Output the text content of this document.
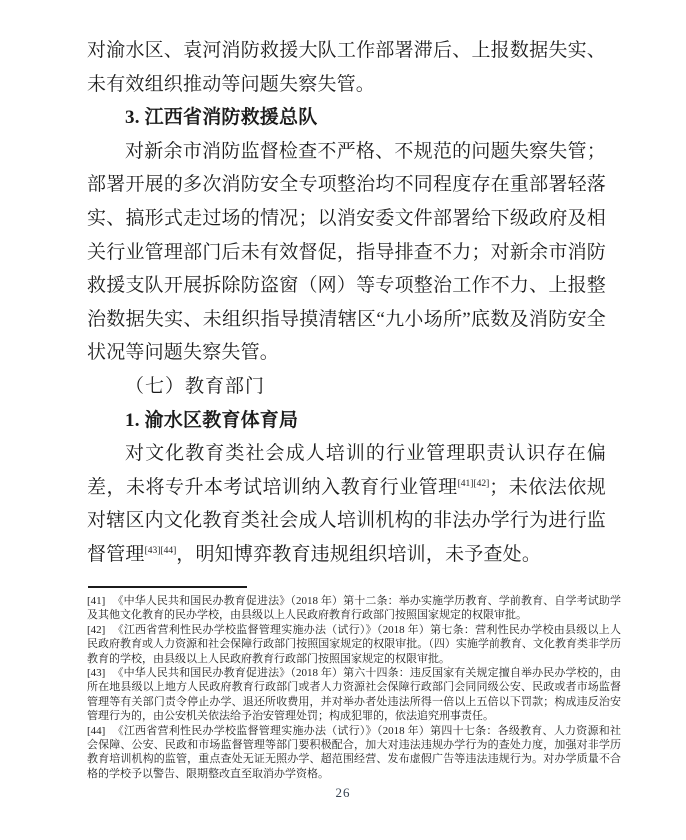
对渝水区、袁河消防救援大队工作部署滞后、上报数据失实、未有效组织推动等问题失察失管。

3. 江西省消防救援总队

对新余市消防监督检查不严格、不规范的问题失察失管；部署开展的多次消防安全专项整治均不同程度存在重部署轻落实、搞形式走过场的情况；以消安委文件部署给下级政府及相关行业管理部门后未有效督促，指导排查不力；对新余市消防救援支队开展拆除防盗窗（网）等专项整治工作不力、上报整治数据失实、未组织指导摸清辖区“九小场所”底数及消防安全状况等问题失察失管。

（七）教育部门

1. 渝水区教育体育局

对文化教育类社会成人培训的行业管理职责认识存在偏差，未将专升本考试培训纳入教育行业管理[41][42]；未依法依规对辖区内文化教育类社会成人培训机构的非法办学行为进行监督管理[43][44]，明知博弈教育违规组织培训，未予查处。

[41] 《中华人民共和国民办教育促进法》（2018 年）第十二条：举办实施学历教育、学前教育、自学考试助学及其他文化教育的民办学校，由县级以上人民政府教育行政部门按照国家规定的权限审批。

[42] 《江西省营利性民办学校监督管理实施办法（试行）》（2018 年）第七条：营利性民办学校由县级以上人民政府教育或人力资源和社会保障行政部门按照国家规定的权限审批。（四）实施学前教育、文化教育类非学历教育的学校，由县级以上人民政府教育行政部门按照国家规定的权限审批。

[43] 《中华人民共和国民办教育促进法》（2018 年）第六十四条：违反国家有关规定擅自举办民办学校的，由所在地县级以上地方人民政府教育行政部门或者人力资源社会保障行政部门会同同级公安、民政或者市场监督管理等有关部门责令停止办学、退还所收费用，并对举办者处违法所得一倍以上五倍以下罚款；构成违反治安管理行为的，由公安机关依法给予治安管理处罚；构成犯罪的，依法追究刑事责任。

[44] 《江西省营利性民办学校监督管理实施办法（试行）》（2018 年）第四十七条：各级教育、人力资源和社会保障、公安、民政和市场监督管理等部门要积极配合，加大对违法违规办学行为的查处力度，加强对非学历教育培训机构的监管，重点查处无证无照办学、超范围经营、发布虚假广告等违法违规行为。对办学质量不合格的学校予以警告、限期整改直至取消办学资格。

26
